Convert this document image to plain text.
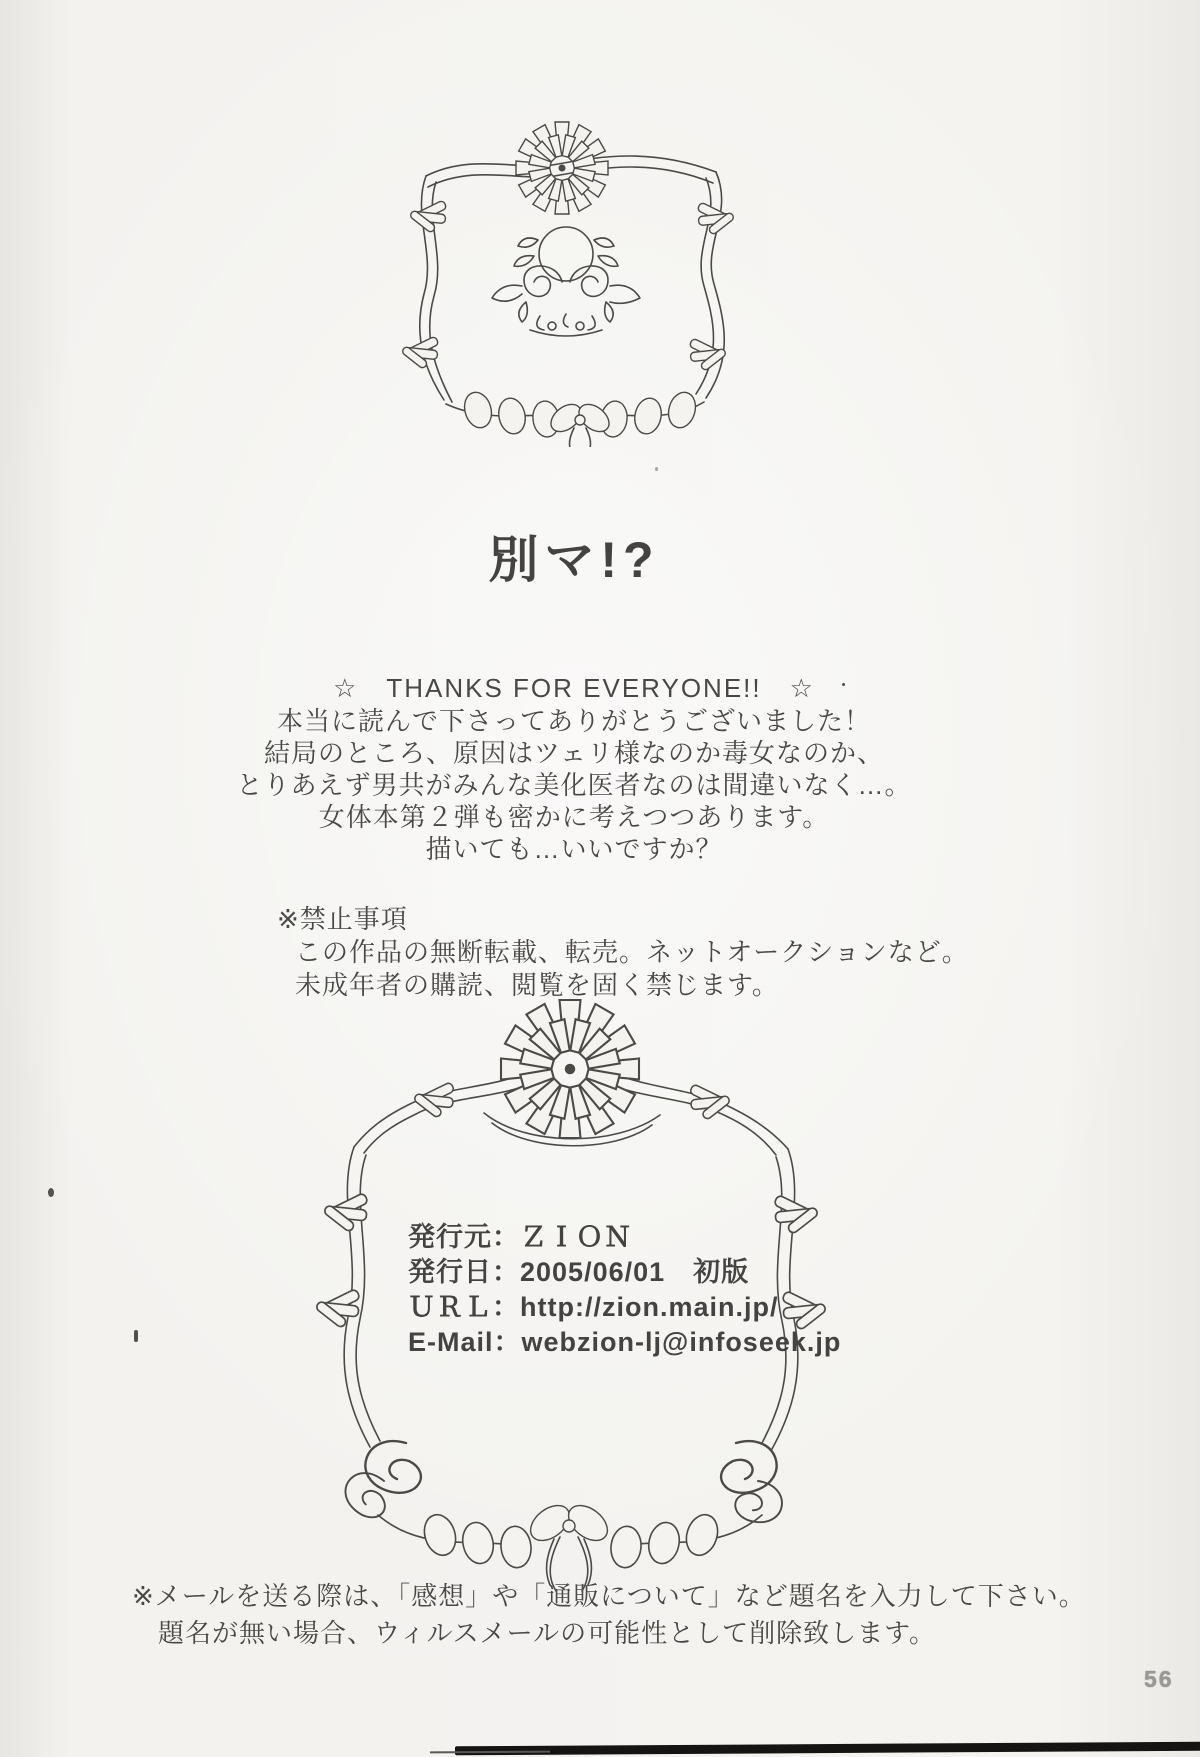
別マ!?
☆　THANKS FOR EVERYONE!!　☆
本当に読んで下さってありがとうございました！
結局のところ、原因はツェリ様なのか毒女なのか、
とりあえず男共がみんな美化医者なのは間違いなく…。
女体本第２弾も密かに考えつつあります。
描いても…いいですか？
※禁止事項
この作品の無断転載、転売。ネットオークションなど。
未成年者の購読、閲覧を固く禁じます。
発行元：ＺＩＯＮ
発行日：2005/06/01　初版
ＵＲＬ：http://zion.main.jp/
E-Mail：webzion-lj@infoseek.jp
※メールを送る際は、「感想」や「通販について」など題名を入力して下さい。
題名が無い場合、ウィルスメールの可能性として削除致します。
56
